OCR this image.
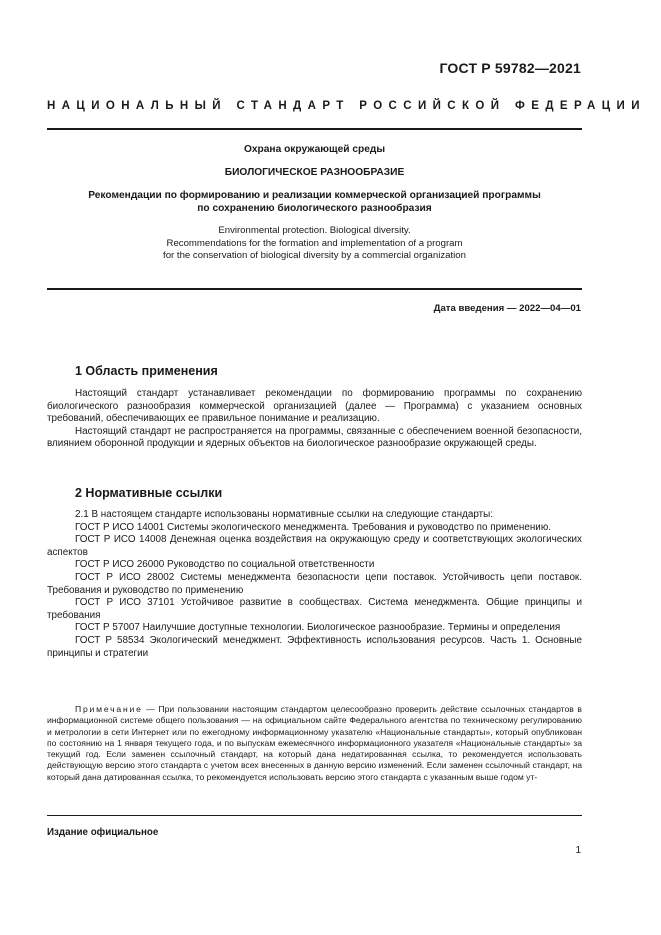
ГОСТ Р 59782—2021
НАЦИОНАЛЬНЫЙ СТАНДАРТ РОССИЙСКОЙ ФЕДЕРАЦИИ
Охрана окружающей среды
БИОЛОГИЧЕСКОЕ РАЗНООБРАЗИЕ
Рекомендации по формированию и реализации коммерческой организацией программы
по сохранению биологического разнообразия
Environmental protection. Biological diversity.
Recommendations for the formation and implementation of a program
for the conservation of biological diversity by a commercial organization
Дата введения — 2022—04—01
1 Область применения

Настоящий стандарт устанавливает рекомендации по формированию программы по сохранению биологического разнообразия коммерческой организацией (далее — Программа) с указанием основных требований, обеспечивающих ее правильное понимание и реализацию.

Настоящий стандарт не распространяется на программы, связанные с обеспечением военной безопасности, влиянием оборонной продукции и ядерных объектов на биологическое разнообразие окружающей среды.

2 Нормативные ссылки

2.1 В настоящем стандарте использованы нормативные ссылки на следующие стандарты:

ГОСТ Р ИСО 14001 Системы экологического менеджмента. Требования и руководство по применению.

ГОСТ Р ИСО 14008 Денежная оценка воздействия на окружающую среду и соответствующих экологических аспектов

ГОСТ Р ИСО 26000 Руководство по социальной ответственности

ГОСТ Р ИСО 28002 Системы менеджмента безопасности цепи поставок. Устойчивость цепи поставок. Требования и руководство по применению

ГОСТ Р ИСО 37101 Устойчивое развитие в сообществах. Система менеджмента. Общие принципы и требования

ГОСТ Р 57007 Наилучшие доступные технологии. Биологическое разнообразие. Термины и определения

ГОСТ Р 58534 Экологический менеджмент. Эффективность использования ресурсов. Часть 1. Основные принципы и стратегии

Примечание — При пользовании настоящим стандартом целесообразно проверить действие ссылочных стандартов в информационной системе общего пользования — на официальном сайте Федерального агентства по техническому регулированию и метрологии в сети Интернет или по ежегодному информационному указателю «Национальные стандарты», который опубликован по состоянию на 1 января текущего года, и по выпускам ежемесячного информационного указателя «Национальные стандарты» за текущий год. Если заменен ссылочный стандарт, на который дана недатированная ссылка, то рекомендуется использовать действующую версию этого стандарта с учетом всех внесенных в данную версию изменений. Если заменен ссылочный стандарт, на который дана датированная ссылка, то рекомендуется использовать версию этого стандарта с указанным выше годом ут-

Издание официальное
1
